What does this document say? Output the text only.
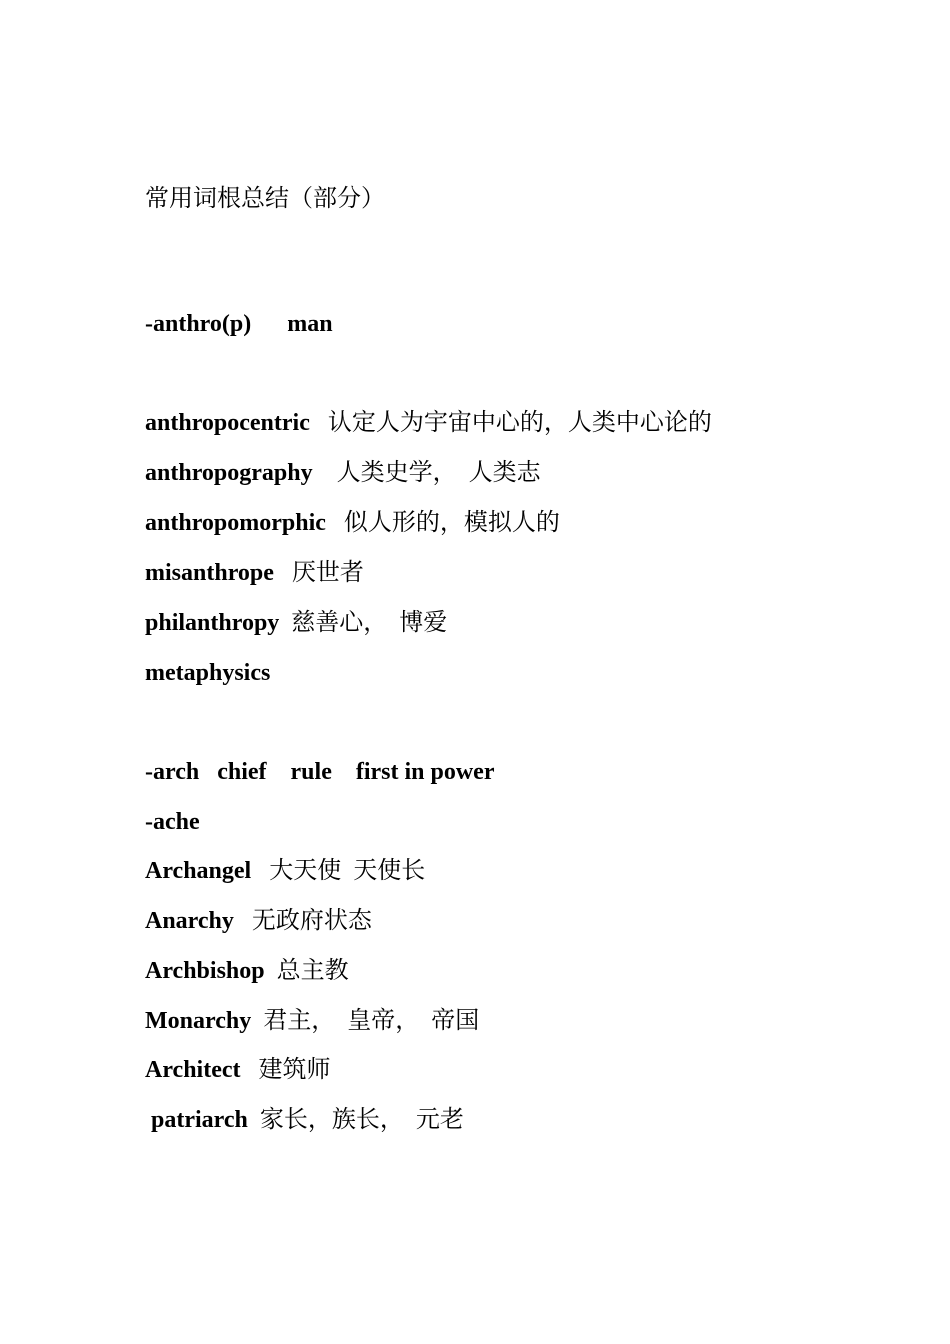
常用词根总结（部分）
-anthro(p)      man
anthropocentric   认定人为宇宙中心的，人类中心论的
anthropography    人类史学，  人类志
anthropomorphic   似人形的，模拟人的
misanthrope   厌世者
philanthropy  慈善心，  博爱
metaphysics
-arch   chief    rule    first in power
-ache
Archangel   大天使  天使长
Anarchy   无政府状态
Archbishop  总主教
Monarchy  君主，  皇帝，  帝国
Architect   建筑师
patriarch  家长，族长，  元老
